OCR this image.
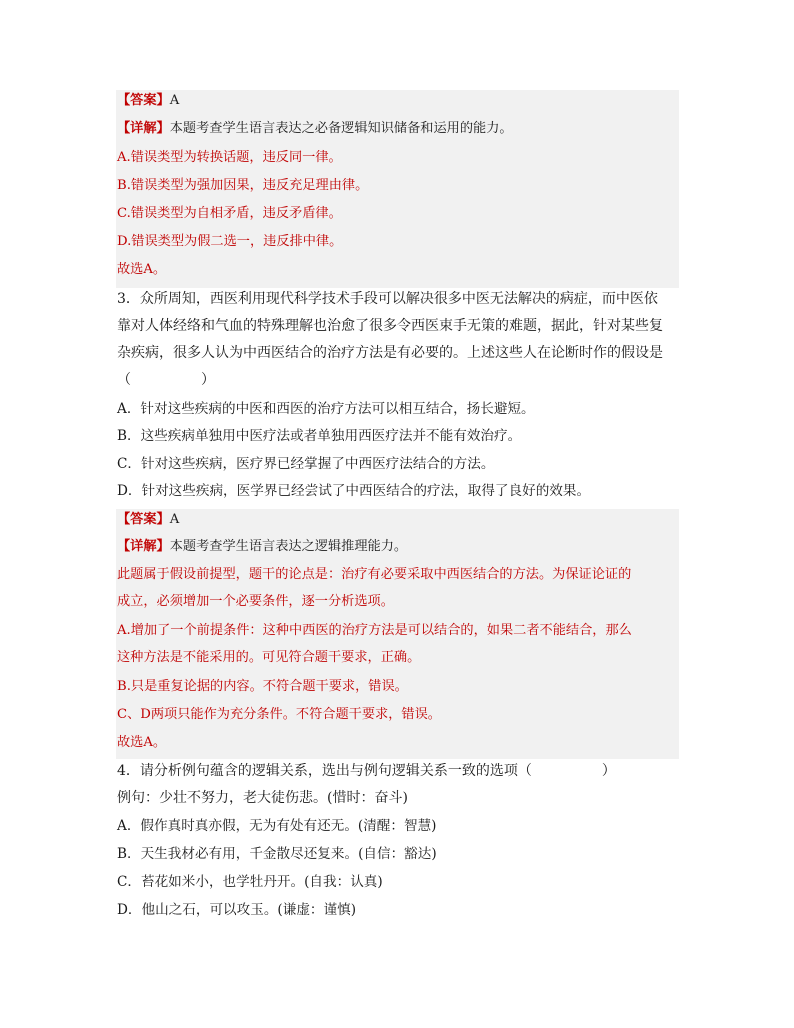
【答案】A
【详解】本题考查学生语言表达之必备逻辑知识储备和运用的能力。
A.错误类型为转换话题，违反同一律。
B.错误类型为强加因果，违反充足理由律。
C.错误类型为自相矛盾，违反矛盾律。
D.错误类型为假二选一，违反排中律。
故选A。
3．众所周知，西医利用现代科学技术手段可以解决很多中医无法解决的病症，而中医依
靠对人体经络和气血的特殊理解也治愈了很多令西医束手无策的难题，据此，针对某些复
杂疾病，很多人认为中西医结合的治疗方法是有必要的。上述这些人在论断时作的假设是
（　　　　　）
A．针对这些疾病的中医和西医的治疗方法可以相互结合，扬长避短。
B．这些疾病单独用中医疗法或者单独用西医疗法并不能有效治疗。
C．针对这些疾病，医疗界已经掌握了中西医疗法结合的方法。
D．针对这些疾病，医学界已经尝试了中西医结合的疗法，取得了良好的效果。
【答案】A
【详解】本题考查学生语言表达之逻辑推理能力。
此题属于假设前提型，题干的论点是：治疗有必要采取中西医结合的方法。为保证论证的
成立，必须增加一个必要条件，逐一分析选项。
A.增加了一个前提条件：这种中西医的治疗方法是可以结合的，如果二者不能结合，那么
这种方法是不能采用的。可见符合题干要求，正确。
B.只是重复论据的内容。不符合题干要求，错误。
C、D两项只能作为充分条件。不符合题干要求，错误。
故选A。
4．请分析例句蕴含的逻辑关系，选出与例句逻辑关系一致的选项（　　　　　）
例句：少壮不努力，老大徒伤悲。(惜时：奋斗)
A．假作真时真亦假，无为有处有还无。(清醒：智慧)
B．天生我材必有用，千金散尽还复来。(自信：豁达)
C．苔花如米小，也学牡丹开。(自我：认真)
D．他山之石，可以攻玉。(谦虚：谨慎)
